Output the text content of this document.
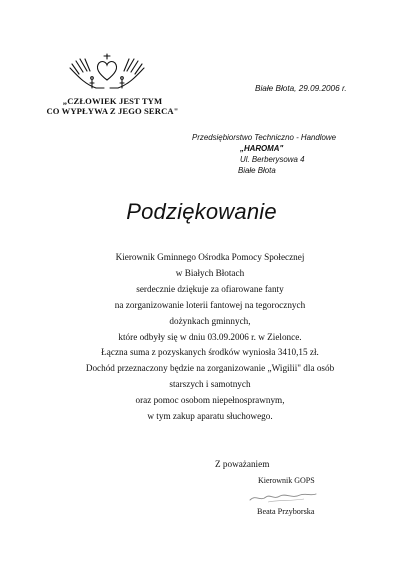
„CZŁOWIEK JEST TYM
CO WYPŁYWA Z JEGO SERCA"
Białe Błota, 29.09.2006 r.
Przedsiębiorstwo Techniczno - Handlowe
„HAROMA"
Ul. Berberysowa 4
Białe Błota
Podziękowanie
Kierownik Gminnego Ośrodka Pomocy Społecznej
w Białych Błotach
serdecznie dziękuje za ofiarowane fanty
na zorganizowanie loterii fantowej na tegorocznych
dożynkach gminnych,
które odbyły się w dniu 03.09.2006 r. w Zielonce.
Łączna suma z pozyskanych środków wyniosła 3410,15 zł.
Dochód przeznaczony będzie na zorganizowanie „Wigilii" dla osób
starszych i samotnych
oraz pomoc osobom niepełnosprawnym,
w tym zakup aparatu słuchowego.
Z poważaniem
Kierownik GOPS
Beata Przyborska
